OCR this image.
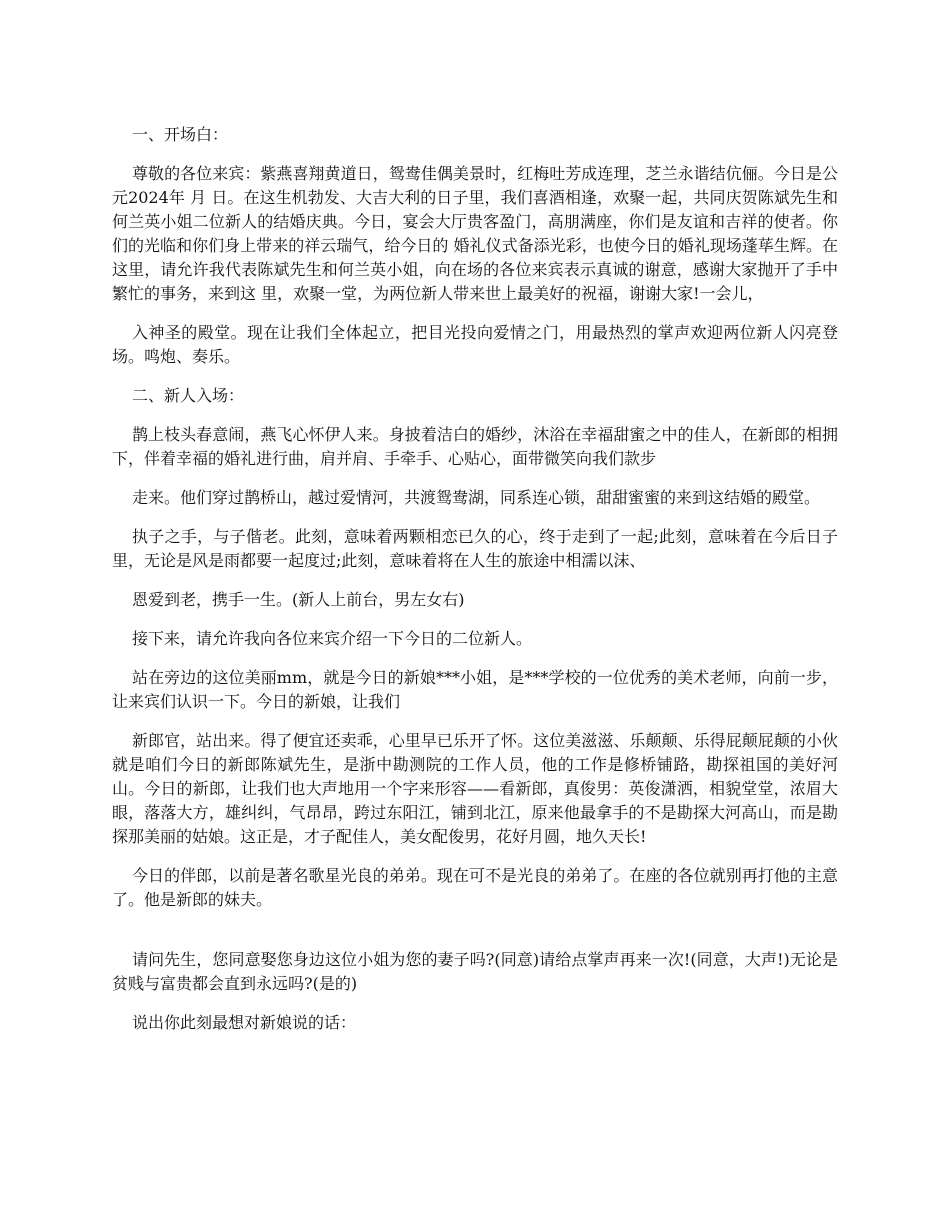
一、开场白：

尊敬的各位来宾：紫燕喜翔黄道日，鸳鸯佳偶美景时，红梅吐芳成连理，芝兰永谐结伉俪。今日是公元2024年 月 日。在这生机勃发、大吉大利的日子里，我们喜酒相逢，欢聚一起，共同庆贺陈斌先生和何兰英小姐二位新人的结婚庆典。今日，宴会大厅贵客盈门，高朋满座，你们是友谊和吉祥的使者。你们的光临和你们身上带来的祥云瑞气，给今日的 婚礼仪式备添光彩，也使今日的婚礼现场蓬荜生辉。在这里，请允许我代表陈斌先生和何兰英小姐，向在场的各位来宾表示真诚的谢意，感谢大家抛开了手中繁忙的事务，来到这 里，欢聚一堂，为两位新人带来世上最美好的祝福，谢谢大家!一会儿，

入神圣的殿堂。现在让我们全体起立，把目光投向爱情之门，用最热烈的掌声欢迎两位新人闪亮登场。鸣炮、奏乐。

二、新人入场：

鹊上枝头春意闹，燕飞心怀伊人来。身披着洁白的婚纱，沐浴在幸福甜蜜之中的佳人，在新郎的相拥下，伴着幸福的婚礼进行曲，肩并肩、手牵手、心贴心，面带微笑向我们款步

走来。他们穿过鹊桥山，越过爱情河，共渡鸳鸯湖，同系连心锁，甜甜蜜蜜的来到这结婚的殿堂。

执子之手，与子偕老。此刻，意味着两颗相恋已久的心，终于走到了一起;此刻，意味着在今后日子里，无论是风是雨都要一起度过;此刻，意味着将在人生的旅途中相濡以沫、

恩爱到老，携手一生。(新人上前台，男左女右)

接下来，请允许我向各位来宾介绍一下今日的二位新人。

站在旁边的这位美丽mm，就是今日的新娘***小姐，是***学校的一位优秀的美术老师，向前一步，让来宾们认识一下。今日的新娘，让我们

新郎官，站出来。得了便宜还卖乖，心里早已乐开了怀。这位美滋滋、乐颠颠、乐得屁颠屁颠的小伙就是咱们今日的新郎陈斌先生，是浙中勘测院的工作人员，他的工作是修桥铺路，勘探祖国的美好河山。今日的新郎，让我们也大声地用一个字来形容——看新郎，真俊男：英俊潇洒，相貌堂堂，浓眉大眼，落落大方，雄纠纠，气昂昂，跨过东阳江，铺到北江，原来他最拿手的不是勘探大河高山，而是勘探那美丽的姑娘。这正是，才子配佳人，美女配俊男，花好月圆，地久天长!

今日的伴郎，以前是著名歌星光良的弟弟。现在可不是光良的弟弟了。在座的各位就别再打他的主意了。他是新郎的妹夫。

请问先生，您同意娶您身边这位小姐为您的妻子吗?(同意)请给点掌声再来一次!(同意，大声!)无论是贫贱与富贵都会直到永远吗?(是的)

说出你此刻最想对新娘说的话：
